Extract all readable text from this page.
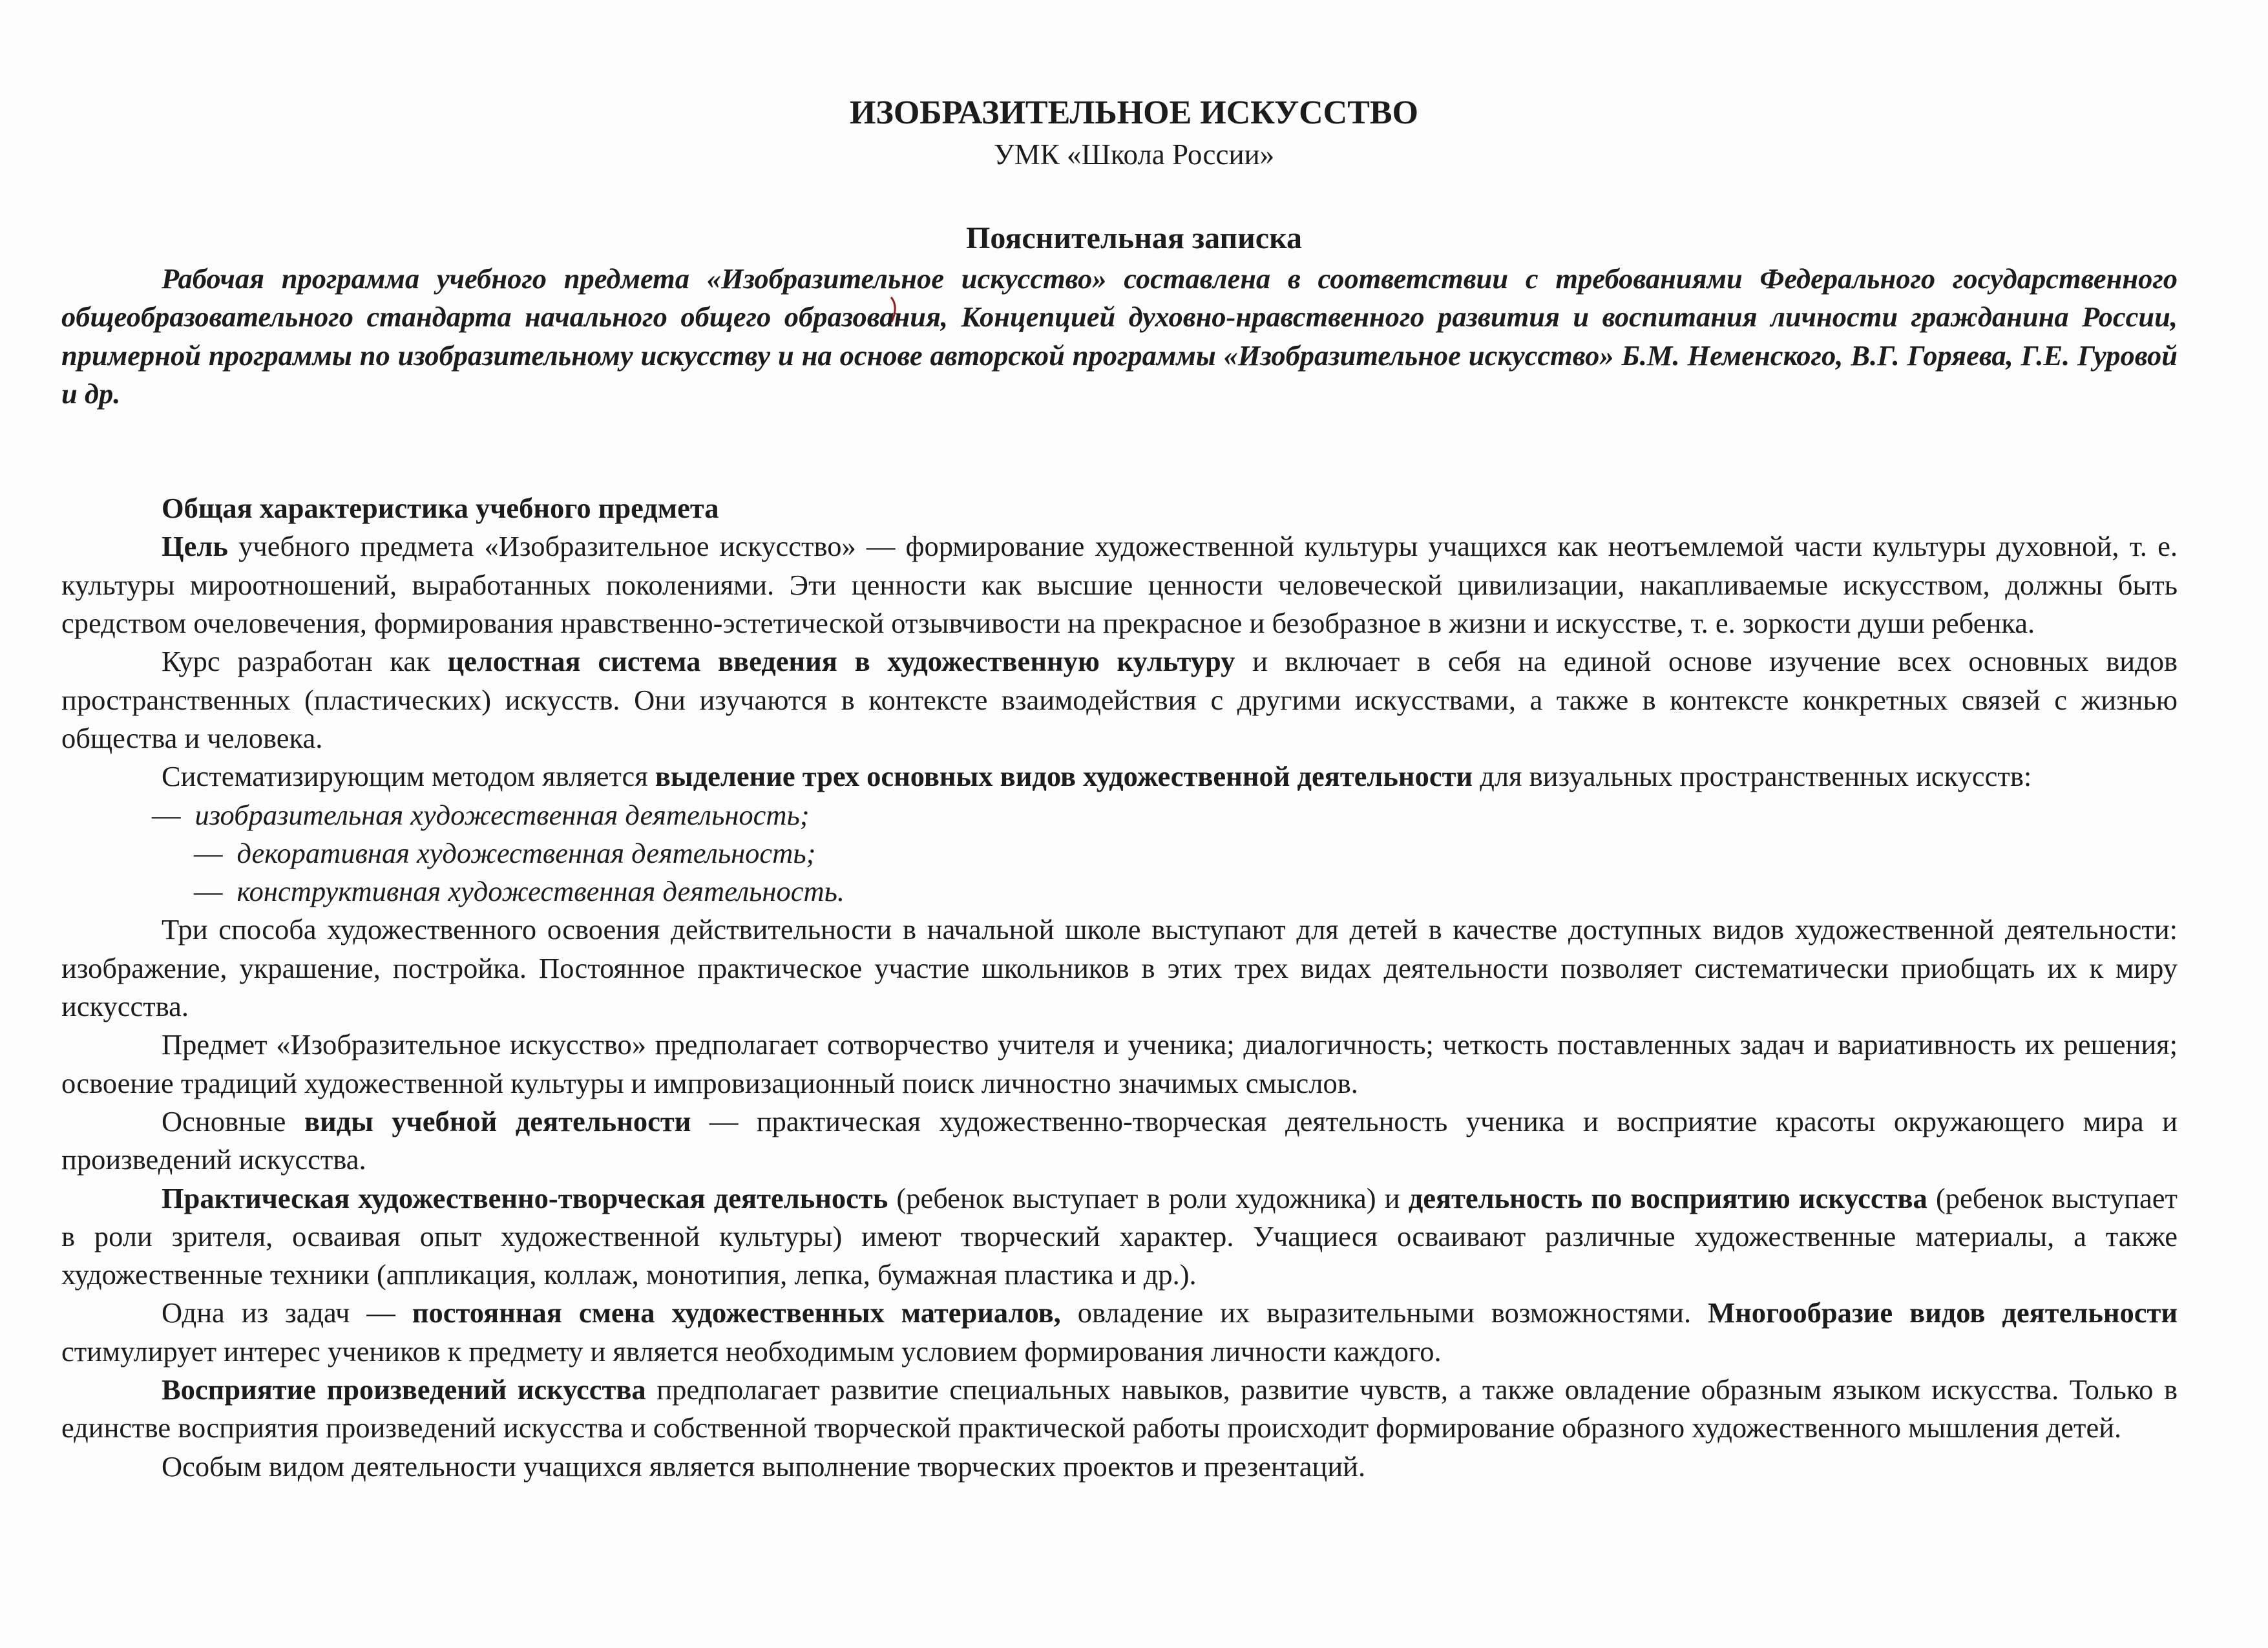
ИЗОБРАЗИТЕЛЬНОЕ ИСКУССТВО
УМК «Школа России»
Пояснительная записка

Рабочая программа учебного предмета «Изобразительное искусство» составлена в соответствии с требованиями Федерального государственного общеобразовательного стандарта начального общего образования, Концепцией духовно-нравственного развития и воспитания личности гражданина России, примерной программы по изобразительному искусству и на основе авторской программы «Изобразительное искусство» Б.М. Неменского, В.Г. Горяева, Г.Е. Гуровой и др.

Общая характеристика учебного предмета

Цель учебного предмета «Изобразительное искусство» — формирование художественной культуры учащихся как неотъемлемой части культуры духовной, т. е. культуры мироотношений, выработанных поколениями. Эти ценности как высшие ценности человеческой цивилизации, накапливаемые искусством, должны быть средством очеловечения, формирования нравственно-эстетической отзывчивости на прекрасное и безобразное в жизни и искусстве, т. е. зоркости души ребенка.

Курс разработан как целостная система введения в художественную культуру и включает в себя на единой основе изучение всех основных видов пространственных (пластических) искусств. Они изучаются в контексте взаимодействия с другими искусствами, а также в контексте конкретных связей с жизнью общества и человека.

Систематизирующим методом является выделение трех основных видов художественной деятельности для визуальных пространственных искусств:

— изобразительная художественная деятельность;
— декоративная художественная деятельность;
— конструктивная художественная деятельность.

Три способа художественного освоения действительности в начальной школе выступают для детей в качестве доступных видов художественной деятельности: изображение, украшение, постройка. Постоянное практическое участие школьников в этих трех видах деятельности позволяет систематически приобщать их к миру искусства.

Предмет «Изобразительное искусство» предполагает сотворчество учителя и ученика; диалогичность; четкость поставленных задач и вариативность их решения; освоение традиций художественной культуры и импровизационный поиск личностно значимых смыслов.

Основные виды учебной деятельности — практическая художественно-творческая деятельность ученика и восприятие красоты окружающего мира и произведений искусства.

Практическая художественно-творческая деятельность (ребенок выступает в роли художника) и деятельность по восприятию искусства (ребенок выступает в роли зрителя, осваивая опыт художественной культуры) имеют творческий характер. Учащиеся осваивают различные художественные материалы, а также художественные техники (аппликация, коллаж, монотипия, лепка, бумажная пластика и др.).

Одна из задач — постоянная смена художественных материалов, овладение их выразительными возможностями. Многообразие видов деятельности стимулирует интерес учеников к предмету и является необходимым условием формирования личности каждого.

Восприятие произведений искусства предполагает развитие специальных навыков, развитие чувств, а также овладение образным языком искусства. Только в единстве восприятия произведений искусства и собственной творческой практической работы происходит формирование образного художественного мышления детей.

Особым видом деятельности учащихся является выполнение творческих проектов и презентаций.
